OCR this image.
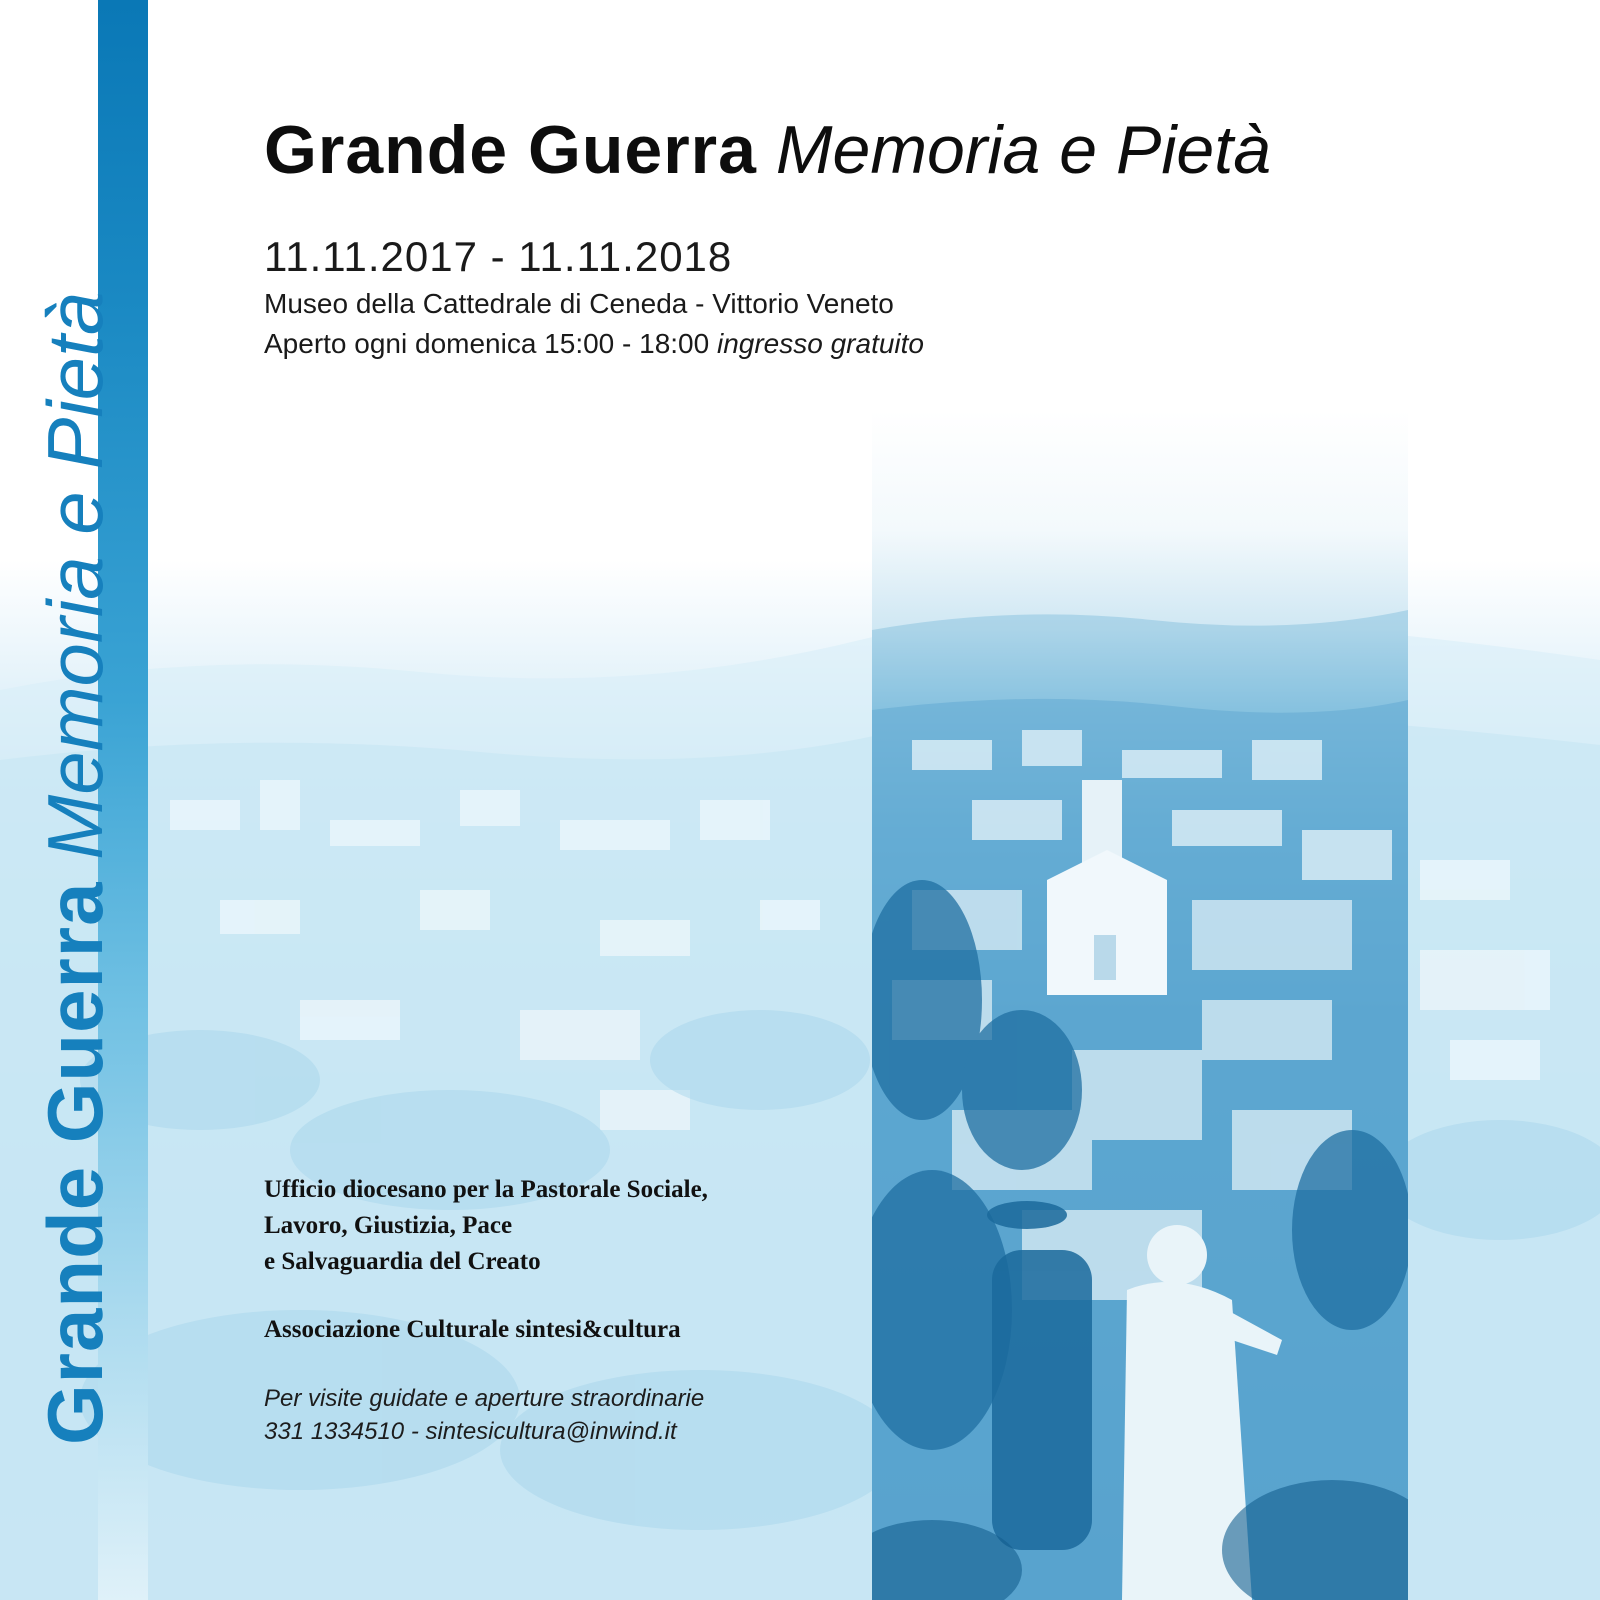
Grande Guerra Memoria e Pietà
Grande Guerra Memoria e Pietà
11.11.2017 - 11.11.2018
Museo della Cattedrale di Ceneda - Vittorio Veneto
Aperto ogni domenica 15:00 - 18:00 ingresso gratuito
Ufficio diocesano per la Pastorale Sociale,
Lavoro, Giustizia, Pace
e Salvaguardia del Creato
Associazione Culturale sintesi&cultura
Per visite guidate e aperture straordinarie
331 1334510 - sintesicultura@inwind.it
